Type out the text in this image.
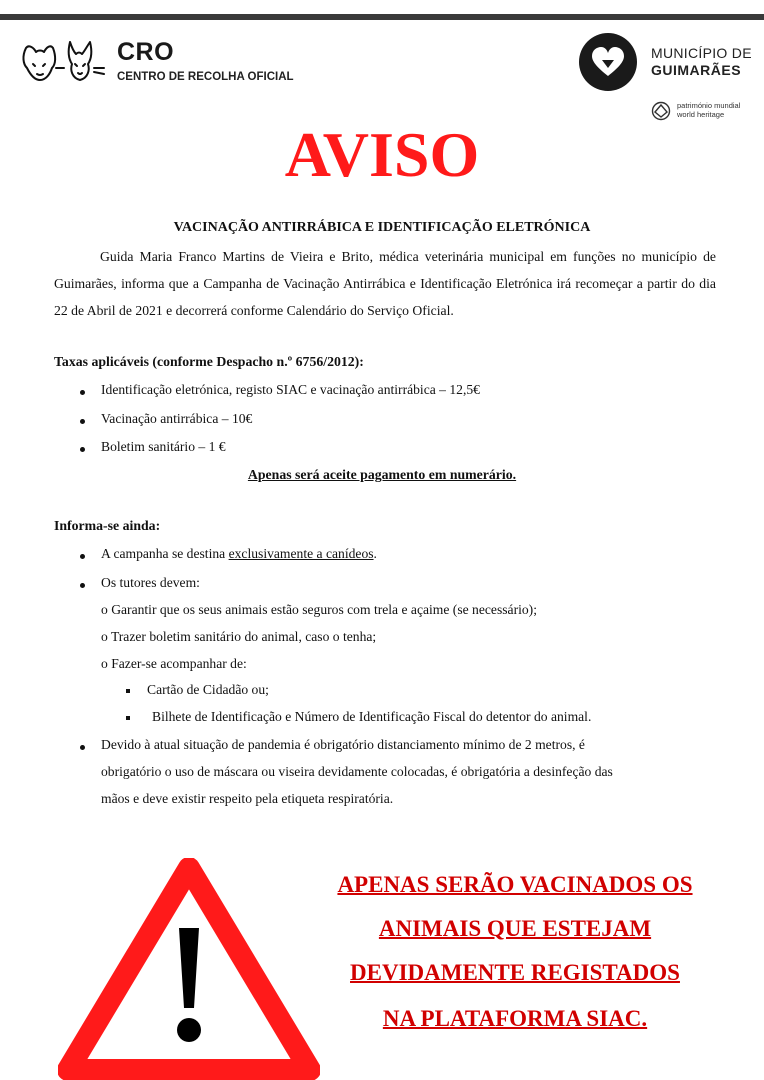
CRO
CENTRO DE RECOLHA OFICIAL
MUNICÍPIO DE
GUIMARÃES
património mundial
world heritage
AVISO
VACINAÇÃO ANTIRRÁBICA E IDENTIFICAÇÃO ELETRÓNICA

Guida Maria Franco Martins de Vieira e Brito, médica veterinária municipal em funções no município de Guimarães, informa que a Campanha de Vacinação Antirrábica e Identificação Eletrónica irá recomeçar a partir do dia 22 de Abril de 2021 e decorrerá conforme Calendário do Serviço Oficial.

Taxas aplicáveis (conforme Despacho n.º 6756/2012):
Identificação eletrónica, registo SIAC e vacinação antirrábica – 12,5€
Vacinação antirrábica – 10€
Boletim sanitário – 1 €
Apenas será aceite pagamento em numerário.
Informa-se ainda:
A campanha se destina exclusivamente a canídeos.
Os tutores devem:
o Garantir que os seus animais estão seguros com trela e açaime (se necessário);
o Trazer boletim sanitário do animal, caso o tenha;
o Fazer-se acompanhar de:
Cartão de Cidadão ou;
Bilhete de Identificação e Número de Identificação Fiscal do detentor do animal.
Devido à atual situação de pandemia é obrigatório distanciamento mínimo de 2 metros, é
obrigatório o uso de máscara ou viseira devidamente colocadas, é obrigatória a desinfeção das
mãos e deve existir respeito pela etiqueta respiratória.
APENAS SERÃO VACINADOS OS
ANIMAIS QUE ESTEJAM
DEVIDAMENTE REGISTADOS
NA PLATAFORMA SIAC.
